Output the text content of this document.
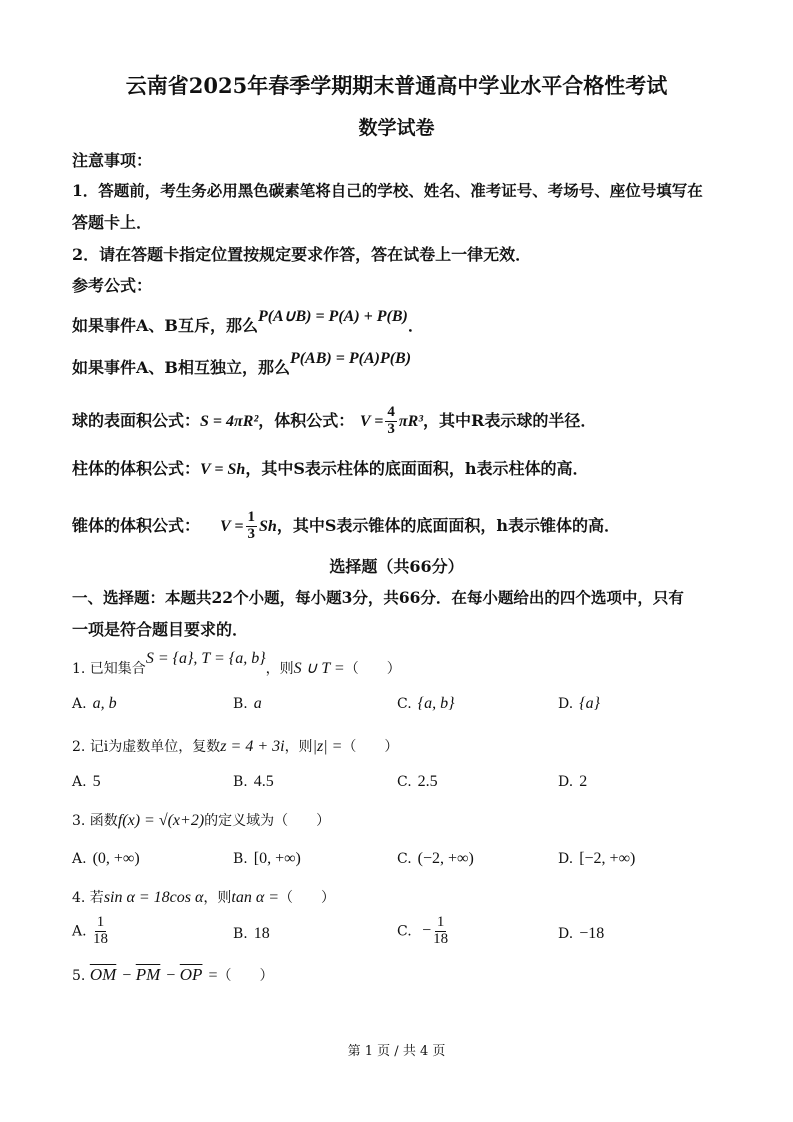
云南省2025年春季学期期末普通高中学业水平合格性考试
数学试卷
注意事项：
1．答题前，考生务必用黑色碳素笔将自己的学校、姓名、准考证号、考场号、座位号填写在
答题卡上．
2．请在答题卡指定位置按规定要求作答，答在试卷上一律无效．
参考公式：
如果事件A、B互斥，那么P(A∪B) = P(A) + P(B)．
如果事件A、B相互独立，那么P(AB) = P(A)P(B)
球的表面积公式：S = 4πR²，体积公式： $V = \frac{4}{3} \pi R^3$，其中R表示球的半径．
柱体的体积公式：V = Sh，其中S表示柱体的底面面积，h表示柱体的高．
锥体的体积公式： $V = \frac{1}{3}$ Sh，其中S表示锥体的底面面积，h表示锥体的高．
选择题（共66分）
一、选择题：本题共22个小题，每小题3分，共66分．在每小题给出的四个选项中，只有
一项是符合题目要求的．
1. 已知集合S = {a}, T = {a, b}，则S ∪ T =（　　）
A. a, b	B. a	C. {a, b}	D. {a}
2. 记i为虚数单位，复数z = 4 + 3i，则|z| =（　　）
A. 5	B. 4.5	C. 2.5	D. 2
3. 函数f(x) = √(x+2)的定义域为（　　）
A. (0, +∞)	B. [0, +∞)	C. (−2, +∞)	D. [−2, +∞)
4. 若sin α = 18cos α，则tan α =（　　）
A. $\frac{1}{18}$	B. 18	C. − $\frac{1}{18}$	D. −18
5. $\overline{OM} - \overline{PM} - \overline{OP}$ =（　　）
第 1 页 / 共 4 页
